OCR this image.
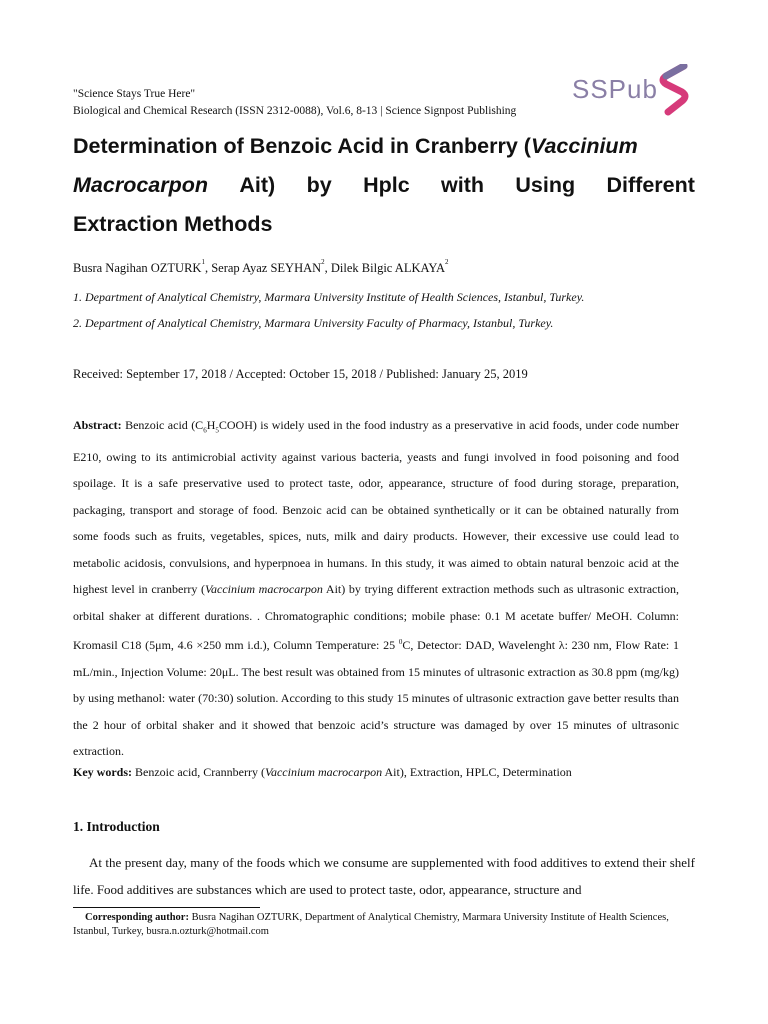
"Science Stays True Here"
Biological and Chemical Research (ISSN 2312-0088), Vol.6, 8-13 | Science Signpost Publishing
SSPub
Determination of Benzoic Acid in Cranberry (Vaccinium
Macrocarpon Ait) by Hplc with Using Different
Extraction Methods
Busra Nagihan OZTURK$^1$, Serap Ayaz SEYHAN$^2$, Dilek Bilgic ALKAYA$^2$
1. Department of Analytical Chemistry, Marmara University Institute of Health Sciences, Istanbul, Turkey.
2. Department of Analytical Chemistry, Marmara University Faculty of Pharmacy, Istanbul, Turkey.
Received: September 17, 2018 / Accepted: October 15, 2018 / Published: January 25, 2019

Abstract: Benzoic acid $(C_6H_5COOH)$ is widely used in the food industry as a preservative in acid foods, under code number E210, owing to its antimicrobial activity against various bacteria, yeasts and fungi involved in food poisoning and food spoilage. It is a safe preservative used to protect taste, odor, appearance, structure of food during storage, preparation, packaging, transport and storage of food. Benzoic acid can be obtained synthetically or it can be obtained naturally from some foods such as fruits, vegetables, spices, nuts, milk and dairy products. However, their excessive use could lead to metabolic acidosis, convulsions, and hyperpnoea in humans. In this study, it was aimed to obtain natural benzoic acid at the highest level in cranberry (Vaccinium macrocarpon Ait) by trying different extraction methods such as ultrasonic extraction, orbital shaker at different durations. . Chromatographic conditions; mobile phase: 0.1 M acetate buffer/ MeOH. Column: Kromasil C18 (5μm, 4.6 ×250 mm i.d.), Column Temperature: 25 $^0$C, Detector: DAD, Wavelenght λ: 230 nm, Flow Rate: 1 mL/min., Injection Volume: 20μL. The best result was obtained from 15 minutes of ultrasonic extraction as 30.8 ppm (mg/kg) by using methanol: water (70:30) solution. According to this study 15 minutes of ultrasonic extraction gave better results than the 2 hour of orbital shaker and it showed that benzoic acid’s structure was damaged by over 15 minutes of ultrasonic extraction.

Key words: Benzoic acid, Crannberry (Vaccinium macrocarpon Ait), Extraction, HPLC, Determination
1. Introduction

At the present day, many of the foods which we consume are supplemented with food additives to extend their shelf life. Food additives are substances which are used to protect taste, odor, appearance, structure and

Corresponding author: Busra Nagihan OZTURK, Department of Analytical Chemistry, Marmara University Institute of Health Sciences, Istanbul, Turkey, busra.n.ozturk@hotmail.com
